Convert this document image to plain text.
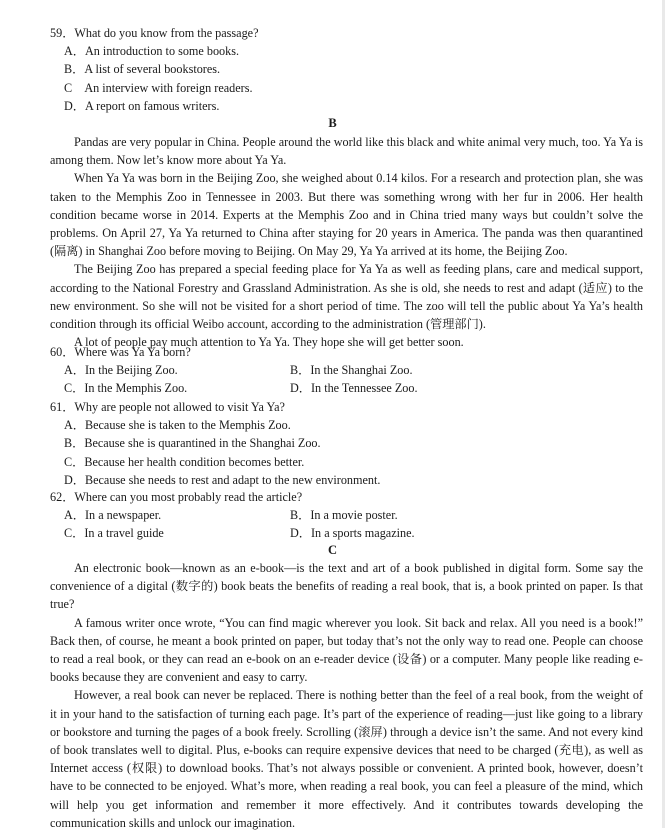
59．What do you know from the passage?
A．An introduction to some books.
B．A list of several bookstores.
C　An interview with foreign readers.
D．A report on famous writers.
B
Pandas are very popular in China. People around the world like this black and white animal very much, too. Ya Ya is among them. Now let’s know more about Ya Ya.
When Ya Ya was born in the Beijing Zoo, she weighed about 0.14 kilos. For a research and protection plan, she was taken to the Memphis Zoo in Tennessee in 2003. But there was something wrong with her fur in 2006. Her health condition became worse in 2014. Experts at the Memphis Zoo and in China tried many ways but couldn’t solve the problems. On April 27, Ya Ya returned to China after staying for 20 years in America. The panda was then quarantined (隔离) in Shanghai Zoo before moving to Beijing. On May 29, Ya Ya arrived at its home, the Beijing Zoo.
The Beijing Zoo has prepared a special feeding place for Ya Ya as well as feeding plans, care and medical support, according to the National Forestry and Grassland Administration. As she is old, she needs to rest and adapt (适应) to the new environment. So she will not be visited for a short period of time. The zoo will tell the public about Ya Ya’s health condition through its official Weibo account, according to the administration (管理部门).
A lot of people pay much attention to Ya Ya. They hope she will get better soon.
60．Where was Ya Ya born?
A．In the Beijing Zoo.	B．In the Shanghai Zoo.
C．In the Memphis Zoo.	D．In the Tennessee Zoo.
61．Why are people not allowed to visit Ya Ya?
A．Because she is taken to the Memphis Zoo.
B．Because she is quarantined in the Shanghai Zoo.
C．Because her health condition becomes better.
D．Because she needs to rest and adapt to the new environment.
62．Where can you most probably read the article?
A．In a newspaper.	B．In a movie poster.
C．In a travel guide	D．In a sports magazine.
C
An electronic book—known as an e-book—is the text and art of a book published in digital form. Some say the convenience of a digital (数字的) book beats the benefits of reading a real book, that is, a book printed on paper. Is that true?
A famous writer once wrote, “You can find magic wherever you look. Sit back and relax. All you need is a book!” Back then, of course, he meant a book printed on paper, but today that’s not the only way to read one. People can choose to read a real book, or they can read an e-book on an e-reader device (设备) or a computer. Many people like reading e-books because they are convenient and easy to carry.
However, a real book can never be replaced. There is nothing better than the feel of a real book, from the weight of it in your hand to the satisfaction of turning each page. It’s part of the experience of reading—just like going to a library or bookstore and turning the pages of a book freely. Scrolling (滚屏) through a device isn’t the same. And not every kind of book translates well to digital. Plus, e-books can require expensive devices that need to be charged (充电), as well as Internet access (权限) to download books. That’s not always possible or convenient. A printed book, however, doesn’t have to be connected to be enjoyed. What’s more, when reading a real book, you can feel a pleasure of the mind, which will help you get information and remember it more effectively. And it contributes towards developing the communication skills and unlock our imagination.
